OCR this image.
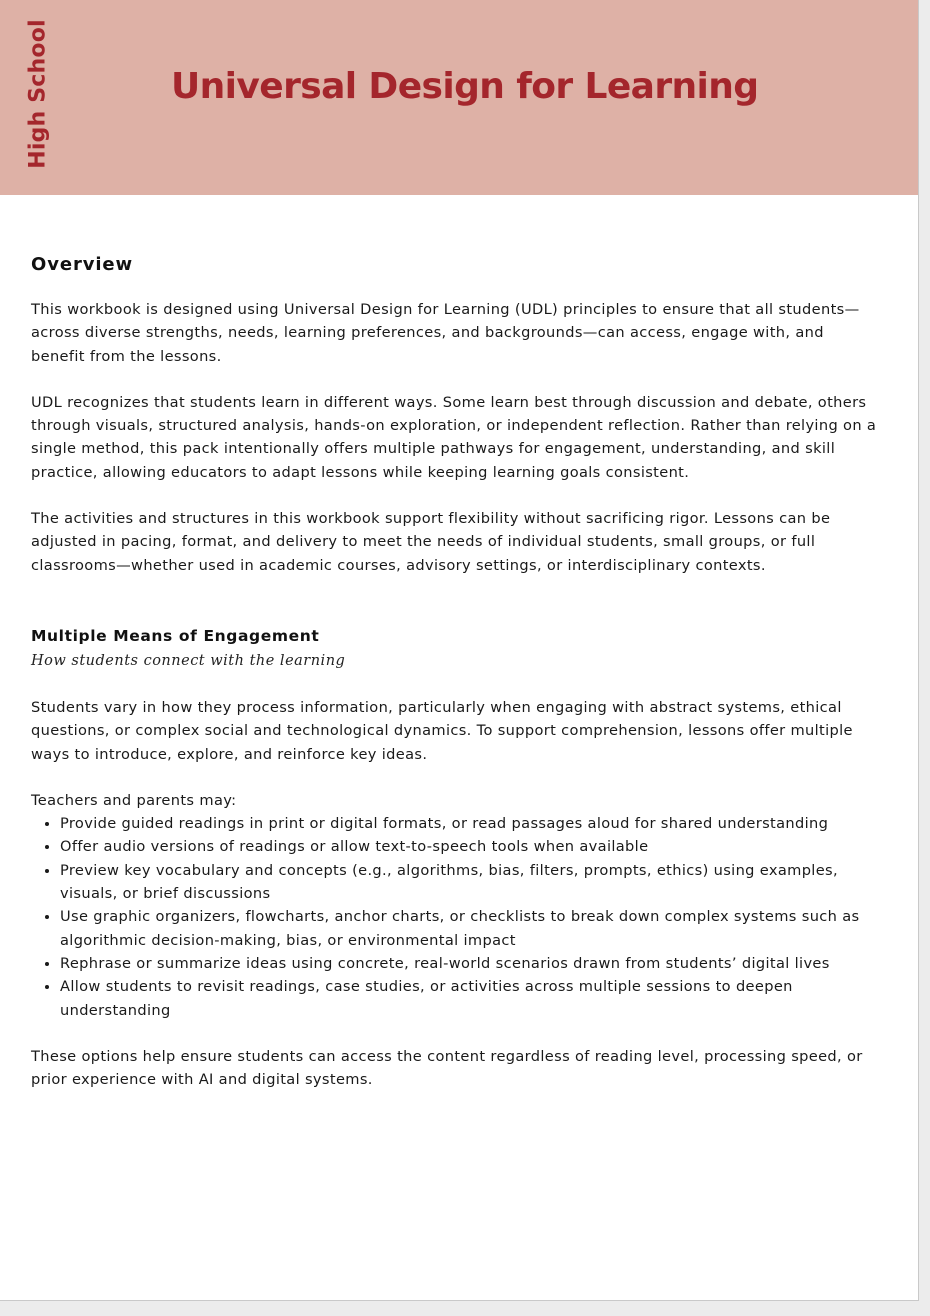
High School	Universal Design for Learning
Overview

This workbook is designed using Universal Design for Learning (UDL) principles to ensure that all students—across diverse strengths, needs, learning preferences, and backgrounds—can access, engage with, and benefit from the lessons.

UDL recognizes that students learn in different ways. Some learn best through discussion and debate, others through visuals, structured analysis, hands-on exploration, or independent reflection. Rather than relying on a single method, this pack intentionally offers multiple pathways for engagement, understanding, and skill practice, allowing educators to adapt lessons while keeping learning goals consistent.

The activities and structures in this workbook support flexibility without sacrificing rigor. Lessons can be adjusted in pacing, format, and delivery to meet the needs of individual students, small groups, or full classrooms—whether used in academic courses, advisory settings, or interdisciplinary contexts.

Multiple Means of Engagement

How students connect with the learning

Students vary in how they process information, particularly when engaging with abstract systems, ethical questions, or complex social and technological dynamics. To support comprehension, lessons offer multiple ways to introduce, explore, and reinforce key ideas.

Teachers and parents may:

• Provide guided readings in print or digital formats, or read passages aloud for shared understanding
• Offer audio versions of readings or allow text-to-speech tools when available
• Preview key vocabulary and concepts (e.g., algorithms, bias, filters, prompts, ethics) using examples, visuals, or brief discussions
• Use graphic organizers, flowcharts, anchor charts, or checklists to break down complex systems such as algorithmic decision-making, bias, or environmental impact
• Rephrase or summarize ideas using concrete, real-world scenarios drawn from students’ digital lives
• Allow students to revisit readings, case studies, or activities across multiple sessions to deepen understanding

These options help ensure students can access the content regardless of reading level, processing speed, or prior experience with AI and digital systems.
